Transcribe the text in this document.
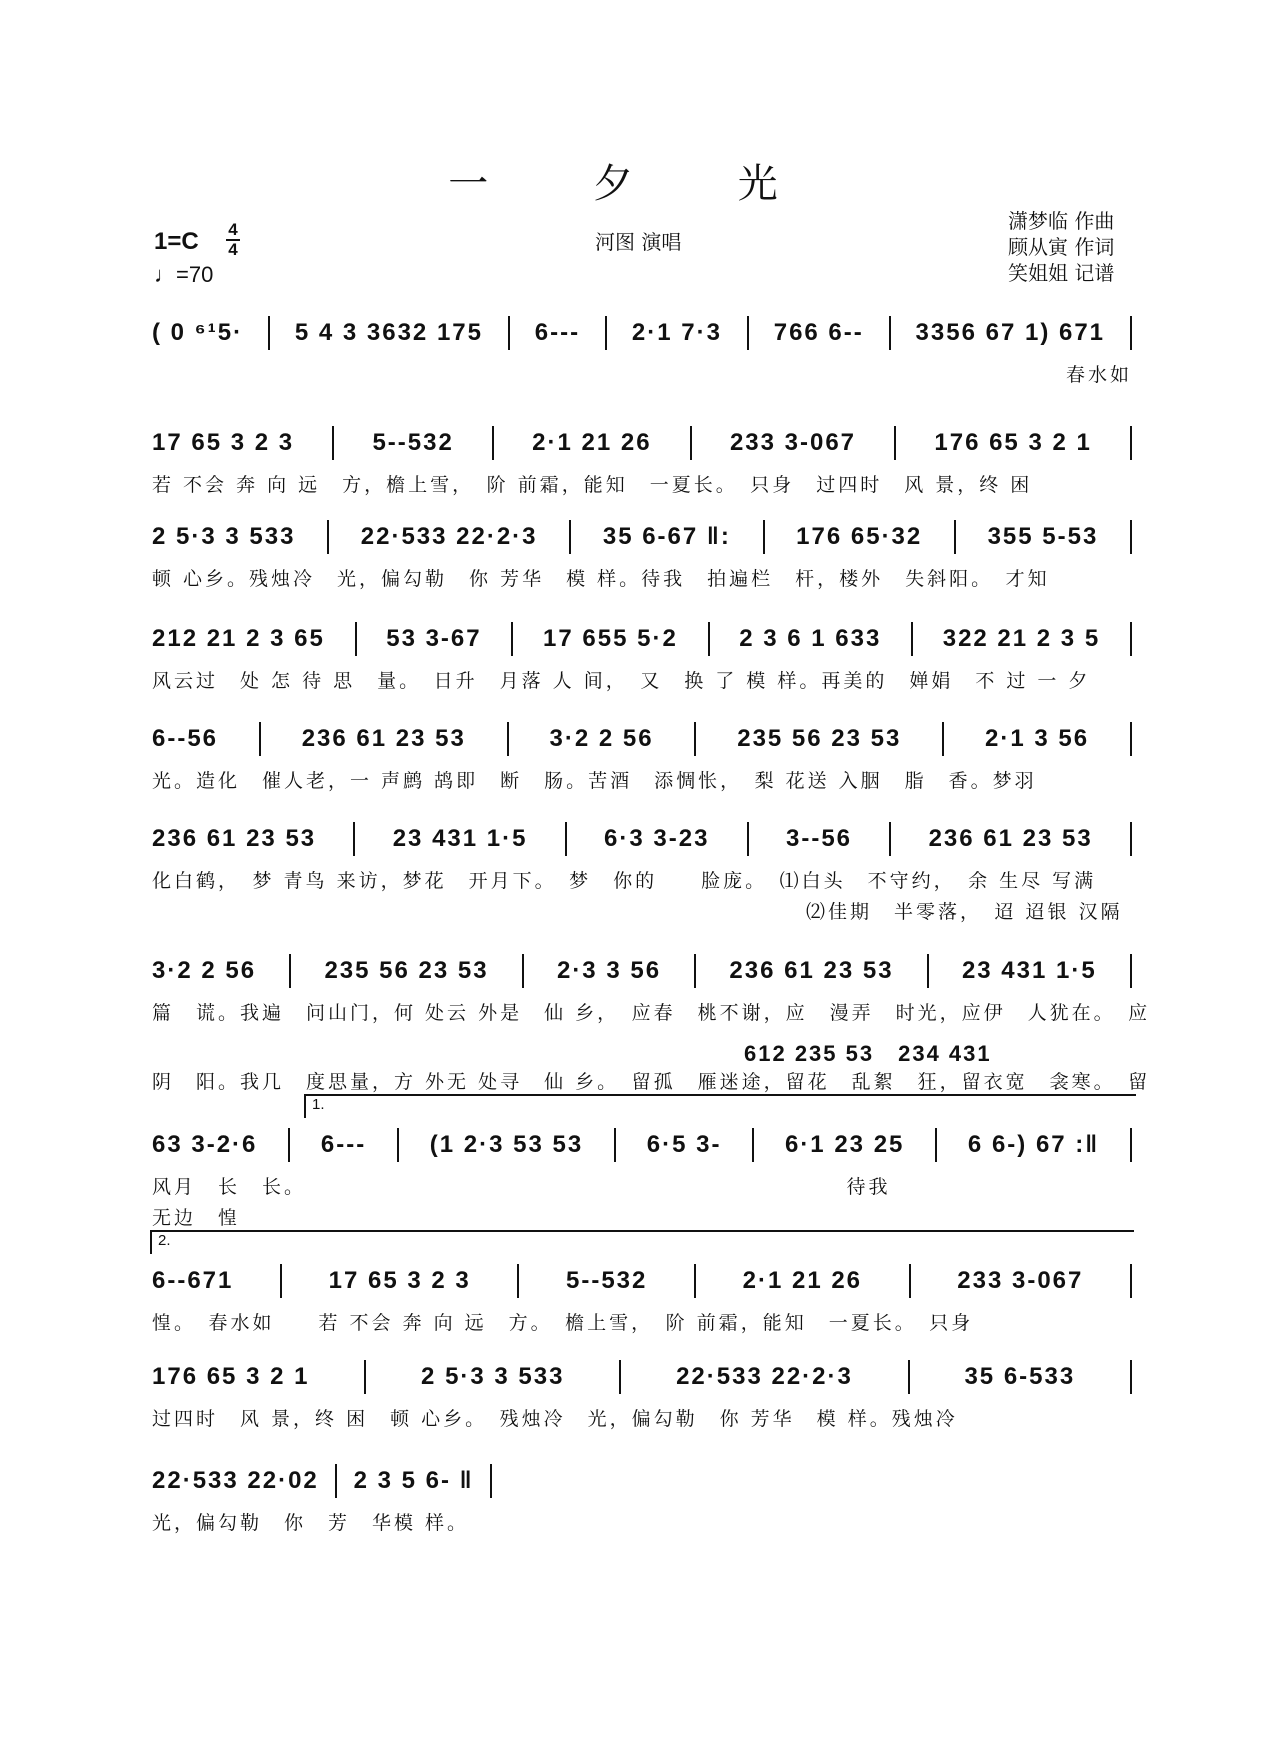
一 夕 光
1=C 4
4
♩=70
河图 演唱
潇梦临 作曲
顾从寅 作词
笑姐姐 记谱
( 0 ⁶¹5· 5 4 3 3632 175 6--- 2·1 7·3 766 6-- 3356 67 1) 671
春水如
17 65 3 2 3	5--532	2·1 21 26	233 3-067	176 65 3 2 1
若 不会 奔 向 远　方，檐上雪，　阶 前霜，能知　一夏长。　只身　过四时　风 景，终 困
2 5·3 3 533	22·533 22·2·3	35 6-67 ‖:	176 65·32	355 5-53
顿 心乡。残烛冷　光，偏勾勒　你 芳华　模 样。待我　拍遍栏　杆，楼外　失斜阳。　才知
212 21 2 3 65	53 3-67	17 655 5·2	2 3 6 1 633	322 21 2 3 5
风云过　处 怎 待 思　量。　日升　月落 人 间，　又　换 了 模 样。再美的　婵娟　不 过 一 夕
6--56	236 61 23 53	3·2 2 56	235 56 23 53	2·1 3 56
光。造化　催人老，一 声鹧 鸪即　断　肠。苦酒　添惆怅，　梨 花送 入胭　脂　香。梦羽
236 61 23 53	23 431 1·5	6·3 3-23	3--56	236 61 23 53
化白鹤，　梦 青鸟 来访，梦花　开月下。　梦　你的　　脸庞。　⑴白头　不守约，　余 生尽 写满
⑵佳期　半零落，　迢 迢银 汉隔
3·2 2 56	235 56 23 53	2·3 3 56	236 61 23 53	23 431 1·5
篇　谎。我遍　问山门，何 处云 外是　仙 乡，　应春　桃不谢，应　漫弄　时光，应伊　人犹在。　应
阴　阳。我几　度思量，方 外无 处寻　仙 乡。　留孤　雁迷途，留花　乱絮　狂，留衣宽　衾寒。　留
1.
63 3-2·6	6---	(1 2·3 53 53	6·5 3-	6·1 23 25	6 6-) 67 :‖
风月　长　长。　　　　　　　　　　　　　　　　　　　　　　　　　待我
无边　惶
2.
6--671	17 65 3 2 3	5--532	2·1 21 26	233 3-067
惶。　春水如　　若 不会 奔 向 远　方。　檐上雪，　阶 前霜，能知　一夏长。　只身
176 65 3 2 1	2 5·3 3 533	22·533 22·2·3	35 6-533
过四时　风 景，终 困　顿 心乡。　残烛冷　光，偏勾勒　你 芳华　模 样。残烛冷
22·533 22·02 2 3 5 6- ‖
光，偏勾勒　你　芳　华模 样。
612 235 53　234 431
